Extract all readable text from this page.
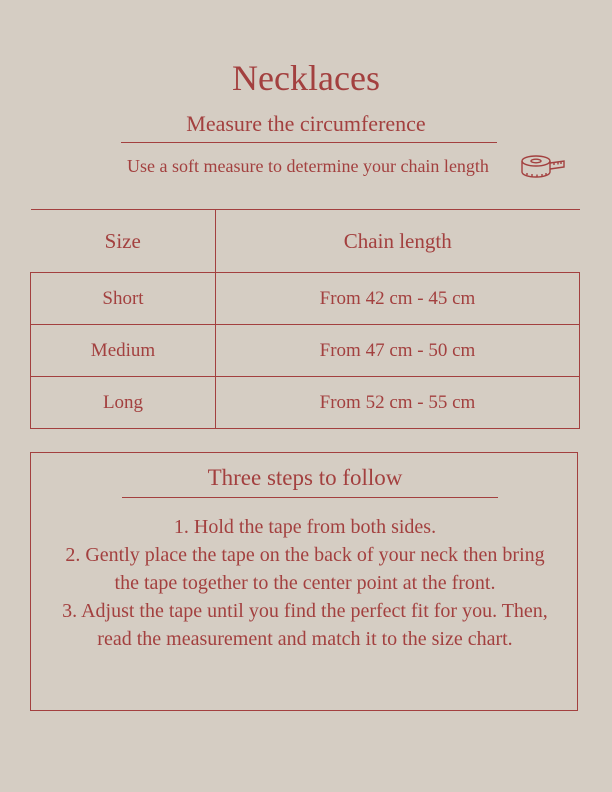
Necklaces
Measure the circumference
Use a soft measure to determine your chain length
Size	Chain length
Short	From 42 cm - 45 cm
Medium	From 47 cm - 50 cm
Long	From 52 cm - 55 cm
Three steps to follow

1. Hold the tape from both sides.

2. Gently place the tape on the back of your neck then bring the tape together to the center point at the front.

3. Adjust the tape until you find the perfect fit for you. Then, read the measurement and match it to the size chart.
